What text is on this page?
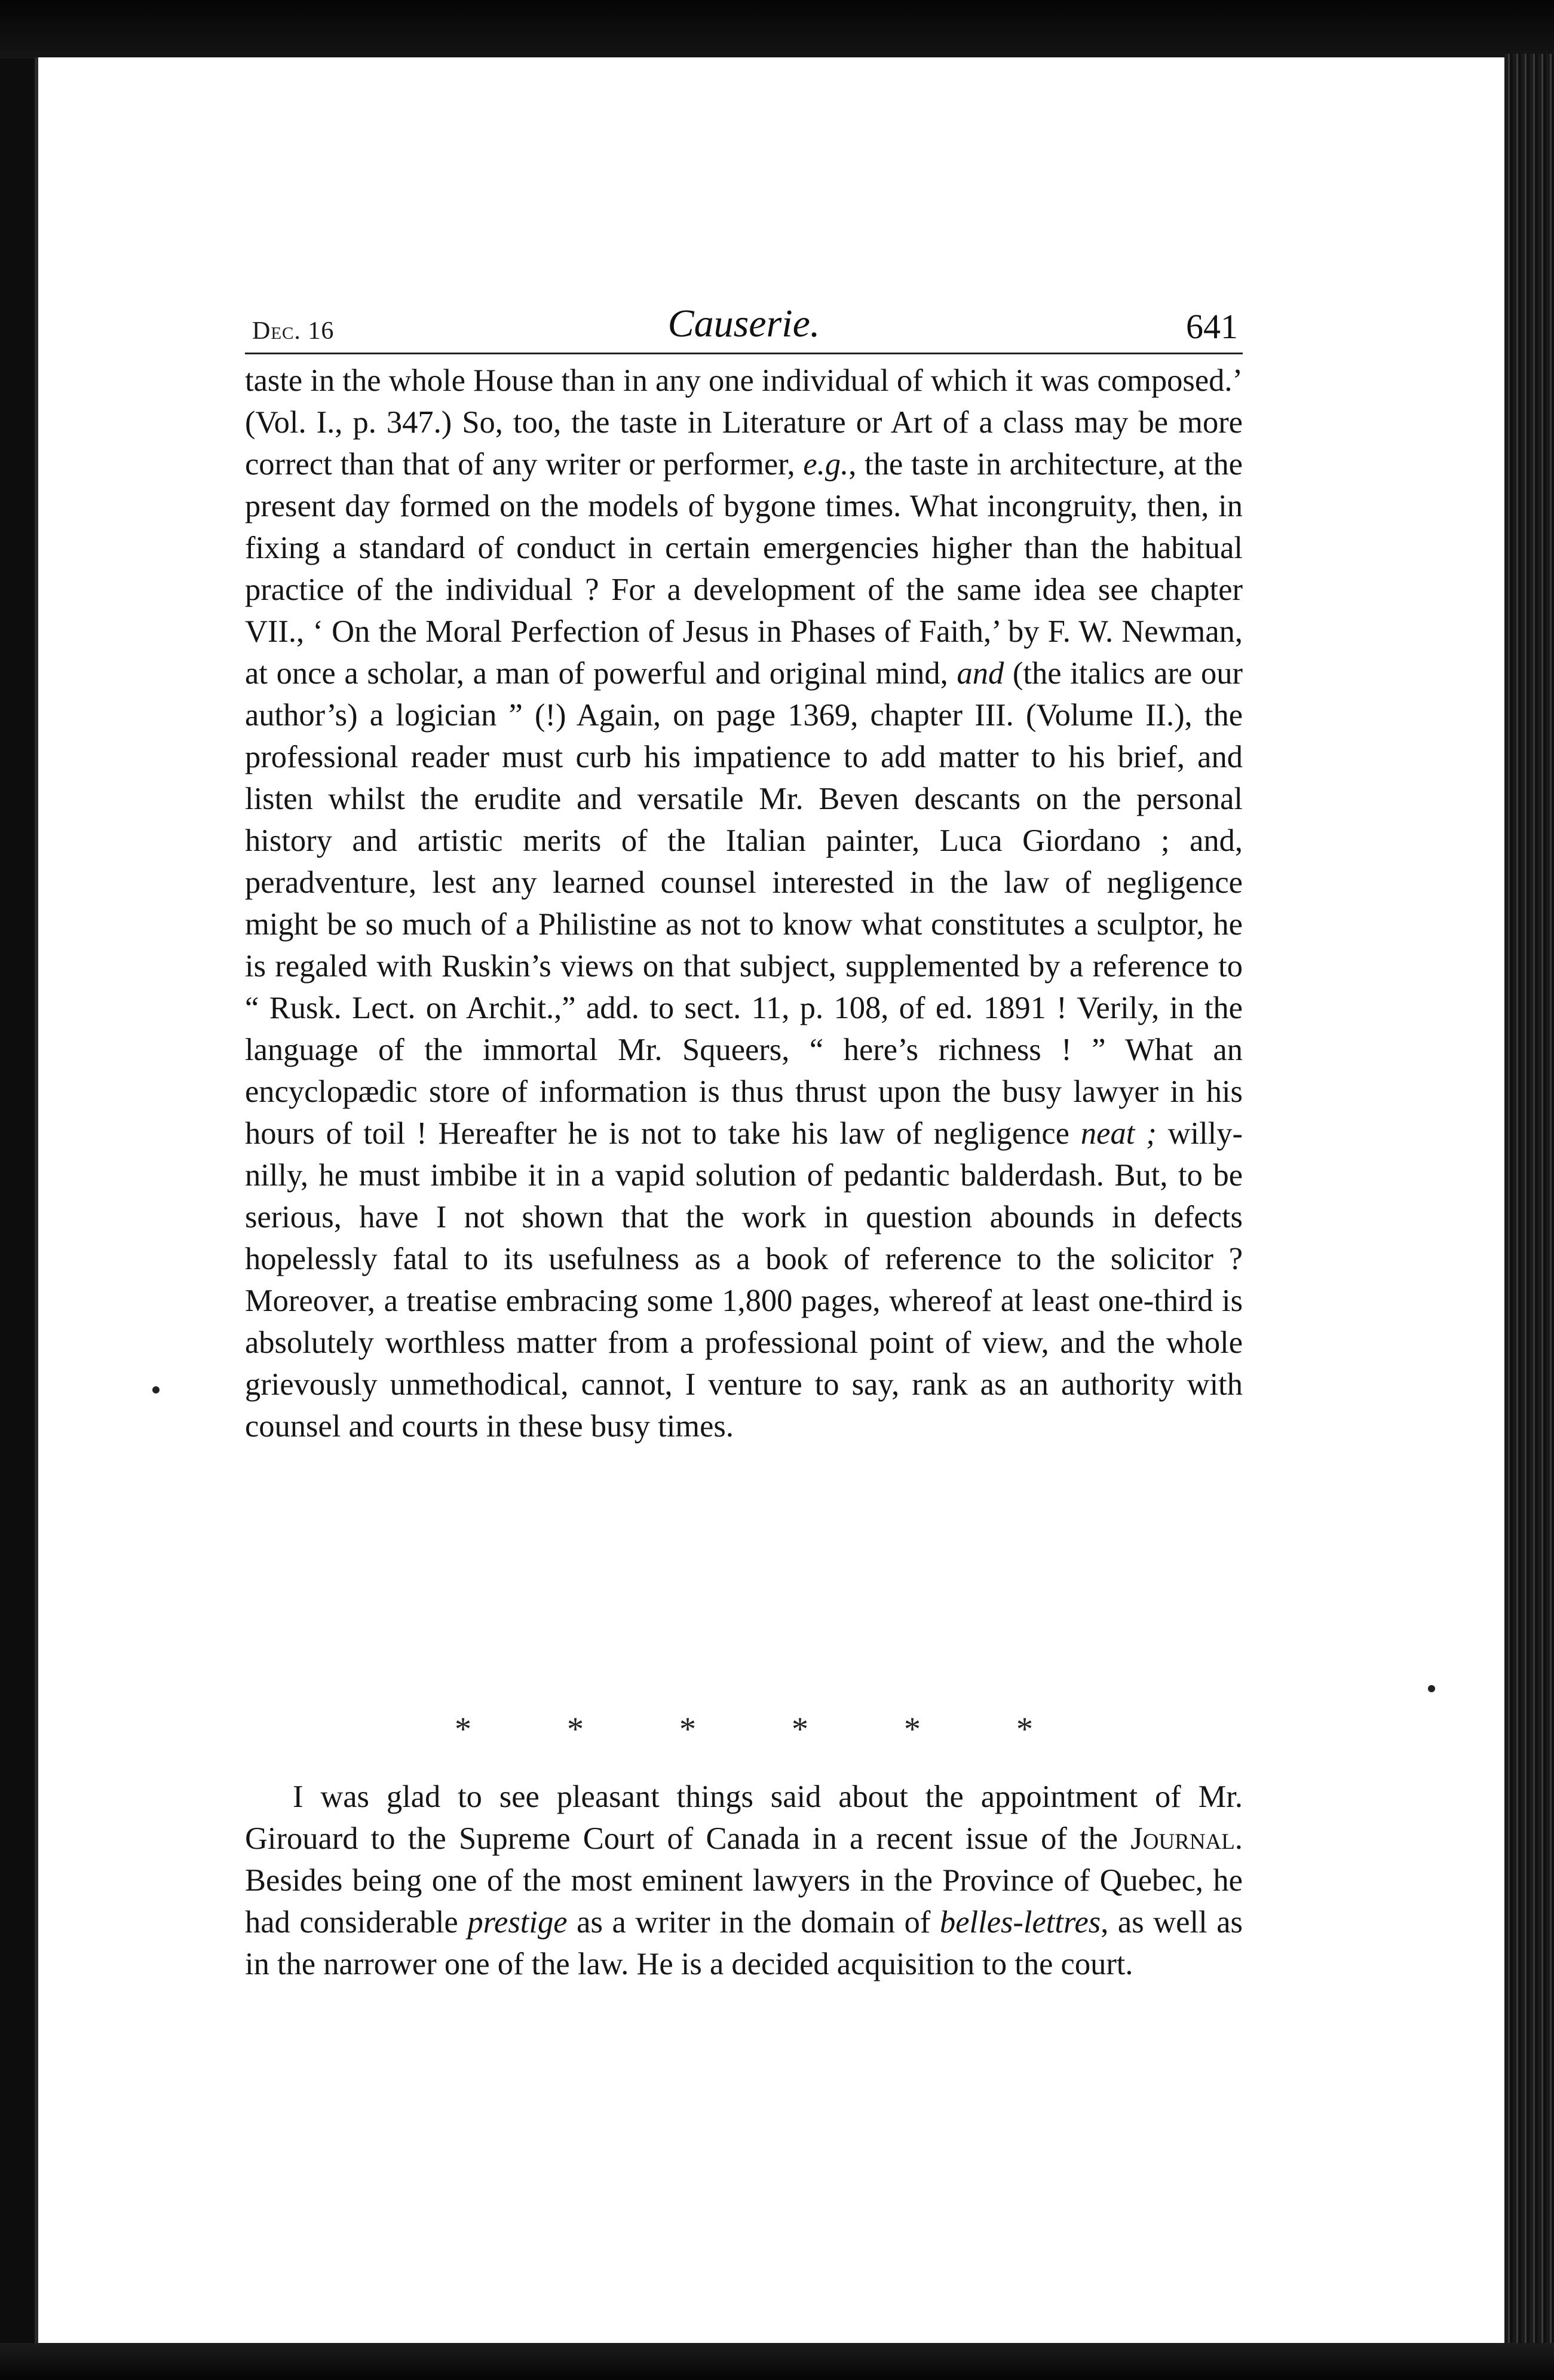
Dec. 16	Causerie.	641

taste in the whole House than in any one individual of which it was composed.’ (Vol. I., p. 347.) So, too, the taste in Literature or Art of a class may be more correct than that of any writer or performer, e.g., the taste in architecture, at the present day formed on the models of bygone times. What incongruity, then, in fixing a standard of conduct in certain emergencies higher than the habitual practice of the individual ? For a development of the same idea see chapter VII., ‘ On the Moral Perfection of Jesus in Phases of Faith,’ by F. W. Newman, at once a scholar, a man of powerful and original mind, and (the italics are our author’s) a logician ” (!) Again, on page 1369, chapter III. (Volume II.), the professional reader must curb his impatience to add matter to his brief, and listen whilst the erudite and versatile Mr. Beven descants on the personal history and artistic merits of the Italian painter, Luca Giordano ; and, peradventure, lest any learned counsel interested in the law of negligence might be so much of a Philistine as not to know what constitutes a sculptor, he is regaled with Ruskin’s views on that subject, supplemented by a reference to “ Rusk. Lect. on Archit.,” add. to sect. 11, p. 108, of ed. 1891 ! Verily, in the language of the immortal Mr. Squeers, “ here’s richness ! ” What an encyclopædic store of information is thus thrust upon the busy lawyer in his hours of toil ! Hereafter he is not to take his law of negligence neat ; willy-nilly, he must imbibe it in a vapid solution of pedantic balderdash. But, to be serious, have I not shown that the work in question abounds in defects hopelessly fatal to its usefulness as a book of reference to the solicitor ? Moreover, a treatise embracing some 1,800 pages, whereof at least one-third is absolutely worthless matter from a professional point of view, and the whole grievously unmethodical, cannot, I venture to say, rank as an authority with counsel and courts in these busy times.

*	*	*	*	*	*

I was glad to see pleasant things said about the appointment of Mr. Girouard to the Supreme Court of Canada in a recent issue of the Journal. Besides being one of the most eminent lawyers in the Province of Quebec, he had considerable prestige as a writer in the domain of belles-lettres, as well as in the narrower one of the law. He is a decided acquisition to the court.
